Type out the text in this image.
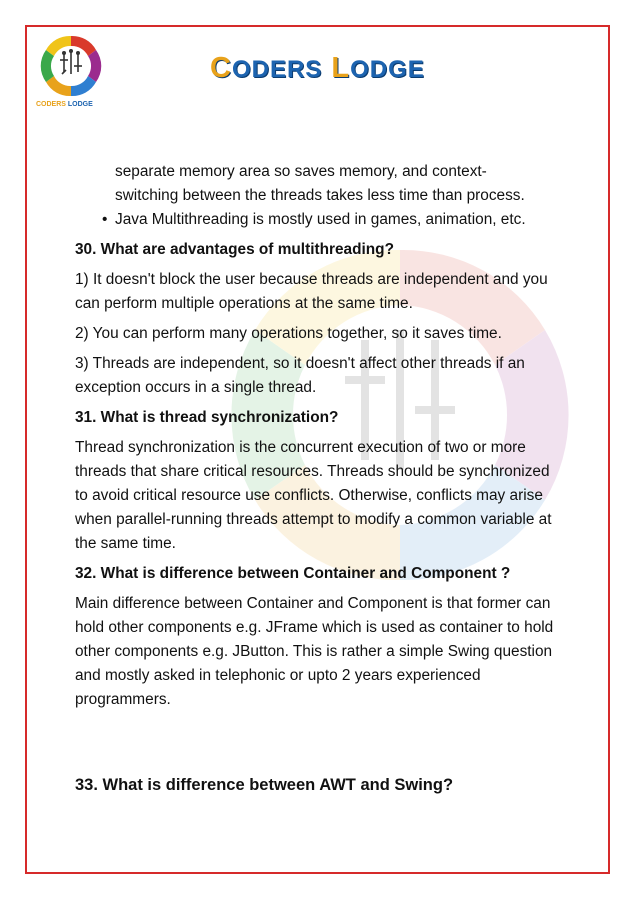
CODERS LODGE
CODERS LODGE

separate memory area so saves memory, and context-

switching between the threads takes less time than process.

• Java Multithreading is mostly used in games, animation, etc.

30. What are advantages of multithreading?

1) It doesn't block the user because threads are independent and you can perform multiple operations at the same time.

2) You can perform many operations together, so it saves time.

3) Threads are independent, so it doesn't affect other threads if an exception occurs in a single thread.

31. What is thread synchronization?

Thread synchronization is the concurrent execution of two or more threads that share critical resources. Threads should be synchronized to avoid critical resource use conflicts. Otherwise, conflicts may arise when parallel-running threads attempt to modify a common variable at the same time.

32. What is difference between Container and Component ?

Main difference between Container and Component is that former can hold other components e.g. JFrame which is used as container to hold other components e.g. JButton. This is rather a simple Swing question and mostly asked in telephonic or upto 2 years experienced programmers.

33. What is difference between AWT and Swing?
